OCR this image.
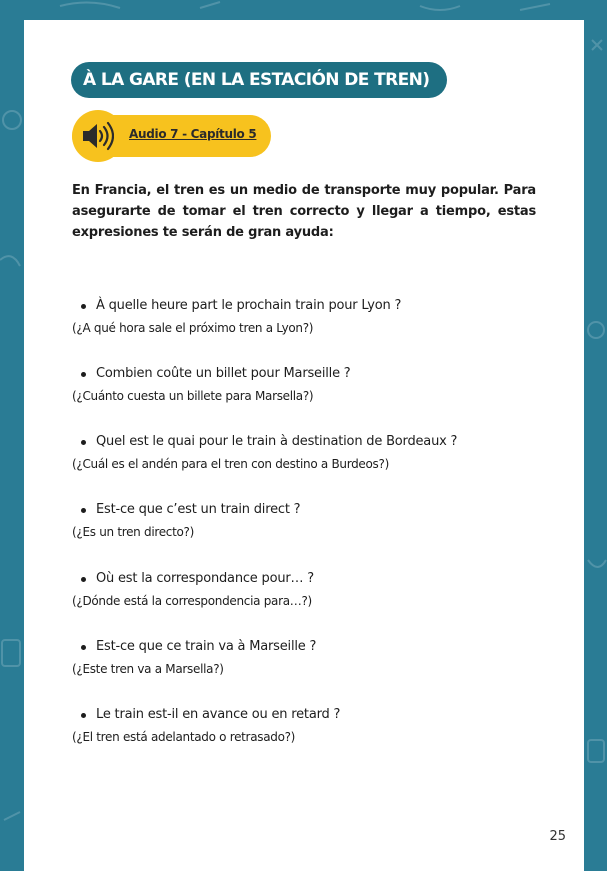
À LA GARE (EN LA ESTACIÓN DE TREN)
Audio 7 - Capítulo 5
En Francia, el tren es un medio de transporte muy popular. Para asegurarte de tomar el tren correcto y llegar a tiempo, estas expresiones te serán de gran ayuda:
À quelle heure part le prochain train pour Lyon ?
(¿A qué hora sale el próximo tren a Lyon?)
Combien coûte un billet pour Marseille ?
(¿Cuánto cuesta un billete para Marsella?)
Quel est le quai pour le train à destination de Bordeaux ?
(¿Cuál es el andén para el tren con destino a Burdeos?)
Est-ce que c’est un train direct ?
(¿Es un tren directo?)
Où est la correspondance pour… ?
(¿Dónde está la correspondencia para…?)
Est-ce que ce train va à Marseille ?
(¿Este tren va a Marsella?)
Le train est-il en avance ou en retard ?
(¿El tren está adelantado o retrasado?)
25
